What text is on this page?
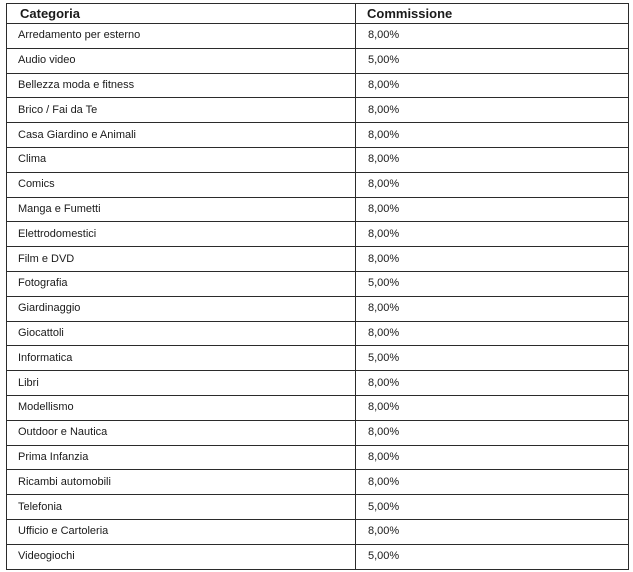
Categoria	Commissione
Arredamento per esterno	8,00%
Audio video	5,00%
Bellezza moda e fitness	8,00%
Brico / Fai da Te	8,00%
Casa Giardino e Animali	8,00%
Clima	8,00%
Comics	8,00%
Manga e Fumetti	8,00%
Elettrodomestici	8,00%
Film e DVD	8,00%
Fotografia	5,00%
Giardinaggio	8,00%
Giocattoli	8,00%
Informatica	5,00%
Libri	8,00%
Modellismo	8,00%
Outdoor e Nautica	8,00%
Prima Infanzia	8,00%
Ricambi automobili	8,00%
Telefonia	5,00%
Ufficio e Cartoleria	8,00%
Videogiochi	5,00%
